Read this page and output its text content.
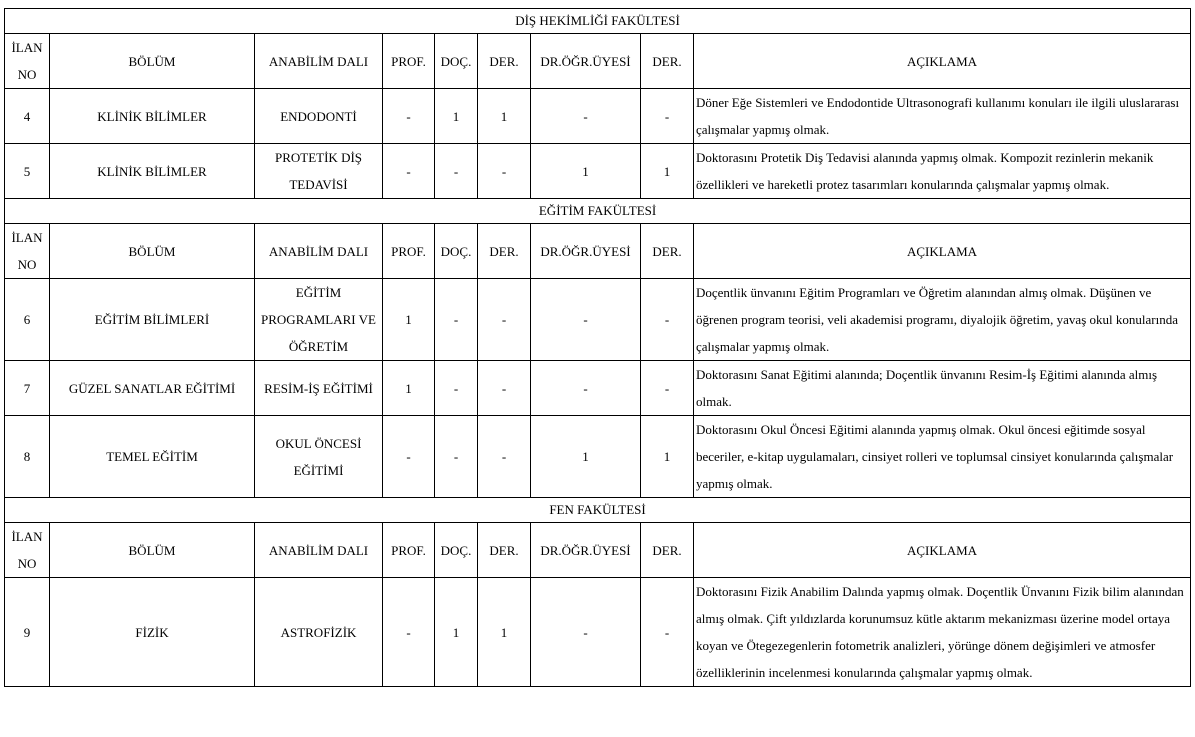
DİŞ HEKİMLİĞİ FAKÜLTESİ								
İLAN NO	BÖLÜM	ANABİLİM DALI	PROF.	DOÇ.	DER.	DR.ÖĞR.ÜYESİ	DER.	AÇIKLAMA
4	KLİNİK BİLİMLER	ENDODONTİ	-	1	1	-	-	Döner Eğe Sistemleri ve Endodontide Ultrasonografi kullanımı konuları ile ilgili uluslararası çalışmalar yapmış olmak.
5	KLİNİK BİLİMLER	PROTETİK DİŞ TEDAVİSİ	-	-	-	1	1	Doktorasını Protetik Diş Tedavisi alanında yapmış olmak. Kompozit rezinlerin mekanik özellikleri ve hareketli protez tasarımları konularında çalışmalar yapmış olmak.
EĞİTİM FAKÜLTESİ								
İLAN NO	BÖLÜM	ANABİLİM DALI	PROF.	DOÇ.	DER.	DR.ÖĞR.ÜYESİ	DER.	AÇIKLAMA
6	EĞİTİM BİLİMLERİ	EĞİTİM PROGRAMLARI VE ÖĞRETİM	1	-	-	-	-	Doçentlik ünvanını Eğitim Programları ve Öğretim alanından almış olmak. Düşünen ve öğrenen program teorisi, veli akademisi programı, diyalojik öğretim, yavaş okul konularında çalışmalar yapmış olmak.
7	GÜZEL SANATLAR EĞİTİMİ	RESİM-İŞ EĞİTİMİ	1	-	-	-	-	Doktorasını Sanat Eğitimi alanında; Doçentlik ünvanını Resim-İş Eğitimi alanında almış olmak.
8	TEMEL EĞİTİM	OKUL ÖNCESİ EĞİTİMİ	-	-	-	1	1	Doktorasını Okul Öncesi Eğitimi alanında yapmış olmak. Okul öncesi eğitimde sosyal beceriler, e-kitap uygulamaları, cinsiyet rolleri ve toplumsal cinsiyet konularında çalışmalar yapmış olmak.
FEN FAKÜLTESİ								
İLAN NO	BÖLÜM	ANABİLİM DALI	PROF.	DOÇ.	DER.	DR.ÖĞR.ÜYESİ	DER.	AÇIKLAMA
9	FİZİK	ASTROFİZİK	-	1	1	-	-	Doktorasını Fizik Anabilim Dalında yapmış olmak. Doçentlik Ünvanını Fizik bilim alanından almış olmak. Çift yıldızlarda korunumsuz kütle aktarım mekanizması üzerine model ortaya koyan ve Ötegezegenlerin fotometrik analizleri, yörünge dönem değişimleri ve atmosfer özelliklerinin incelenmesi konularında çalışmalar yapmış olmak.
